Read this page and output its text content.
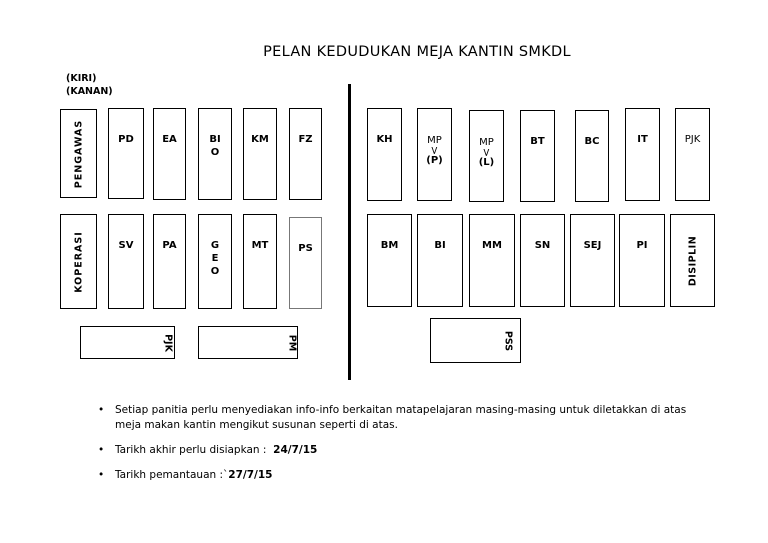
PELAN KEDUDUKAN MEJA KANTIN SMKDL
(KIRI)
(KANAN)
PENGAWAS	PD	EA	BIO
KM	FZ
KOPERASI	SV	PA	GEO
MT	PS
PJK	PM
KH	MP
>
(P)
MP
>
(L)
BT	BC	IT	PJK
BM	BI	MM	SN	SEJ	PI	DISIPLIN
PSS
• Setiap panitia perlu menyediakan info-info berkaitan matapelajaran masing-masing untuk diletakkan di atas meja makan kantin mengikut susunan seperti di atas.
• Tarikh akhir perlu disiapkan : 24/7/15
• Tarikh pemantauan :`27/7/15
